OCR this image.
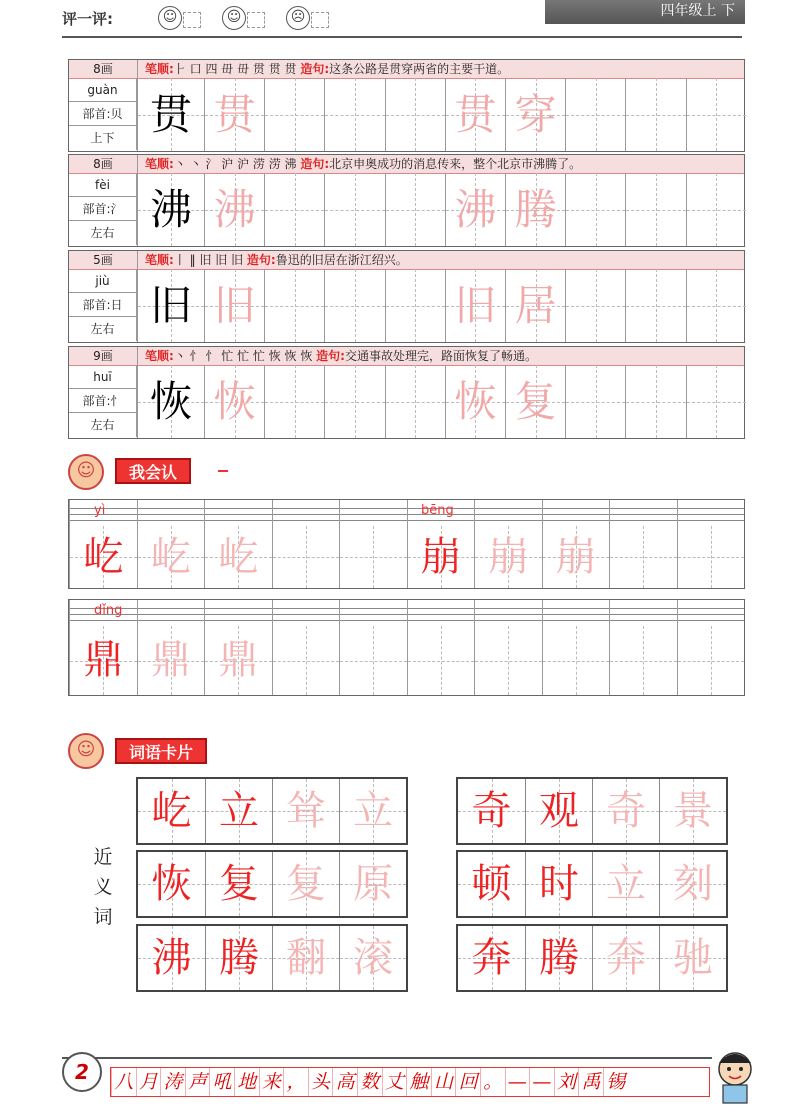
评一评:	☺	☺	☹	四年级上 下
8画	笔顺:⺊ 口 四 毌 毌 贯 贯 贯 造句:这条公路是贯穿两省的主要干道。
guàn
部首:贝
上下 贯 贯	贯 穿
8画	笔顺:丶 丶 氵 沪 沪 涝 涝 沸 造句:北京申奥成功的消息传来，整个北京市沸腾了。
fèi
部首:氵
左右 沸 沸	沸 腾
5画	笔顺:丨 ‖ 旧 旧 旧 造句:鲁迅的旧居在浙江绍兴。
jiù
部首:日
左右 旧 旧	旧 居
9画	笔顺:丶 忄 忄 忙 忙 忙 恢 恢 恢 造句:交通事故处理完，路面恢复了畅通。
huī
部首:忄
左右 恢 恢	恢 复
☺	我会认
屹 屹 屹	崩 崩 崩
yì	bēng
鼎 鼎 鼎
dǐng
☺	词语卡片
近
义
词
屹 立 耸 立	奇 观 奇 景
恢 复 复 原	顿 时 立 刻
沸 腾 翻 滚	奔 腾 奔 驰
2	八 月 涛 声 吼 地 来 ， 头 高 数 丈 触 山 回 。 — — 刘 禹 锡
